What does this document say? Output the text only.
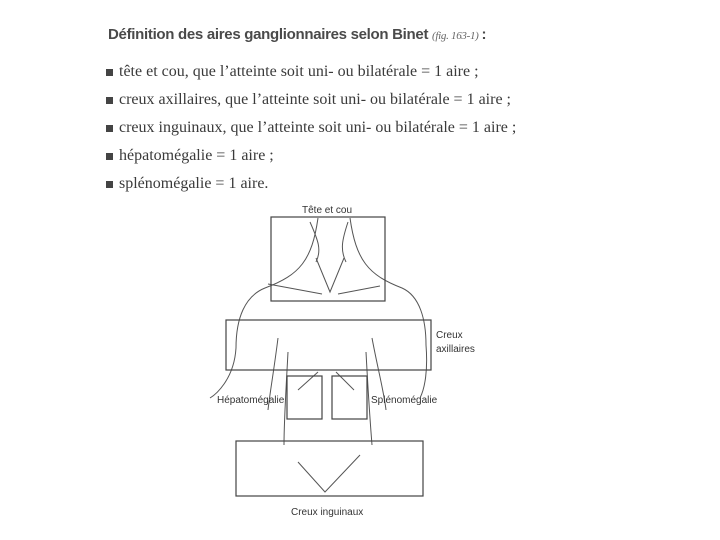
Définition des aires ganglionnaires selon Binet (fig. 163-1) :
tête et cou, que l’atteinte soit uni- ou bilatérale = 1 aire ;
creux axillaires, que l’atteinte soit uni- ou bilatérale = 1 aire ;
creux inguinaux, que l’atteinte soit uni- ou bilatérale = 1 aire ;
hépatomégalie = 1 aire ;
splénomégalie = 1 aire.
Tête et cou
Creux
axillaires
Hépatomégalie	Splénomégalie
Creux inguinaux
